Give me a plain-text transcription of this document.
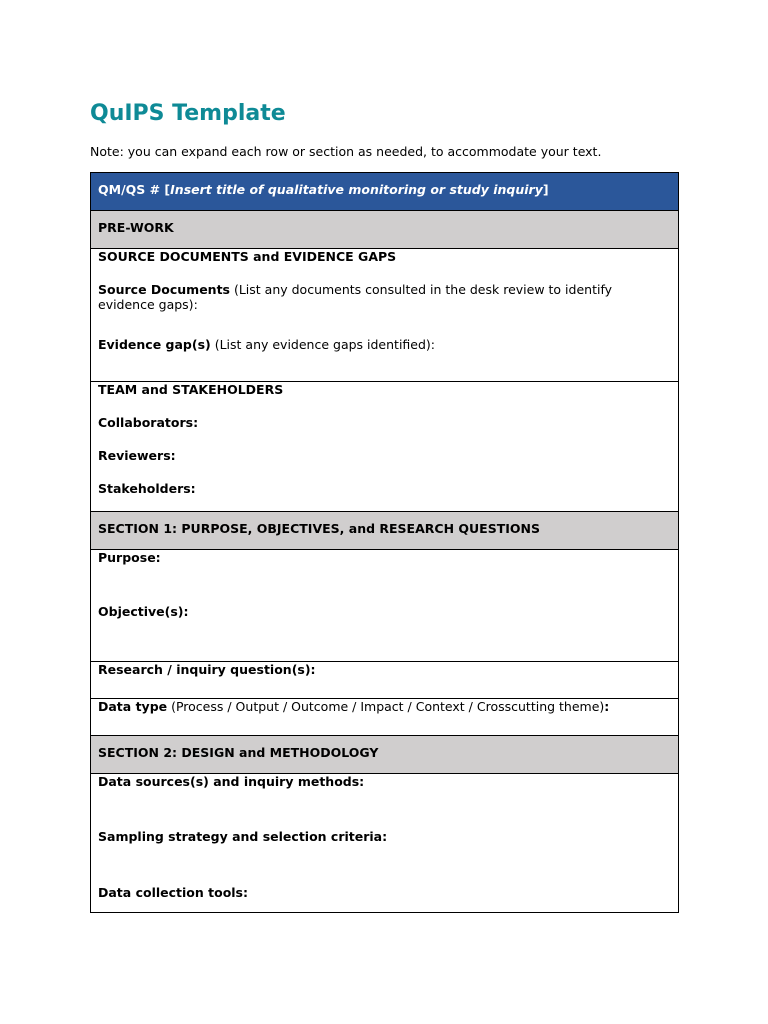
QuIPS Template

Note: you can expand each row or section as needed, to accommodate your text.

QM/QS # [Insert title of qualitative monitoring or study inquiry]
PRE-WORK
SOURCE DOCUMENTS and EVIDENCE GAPS
Source Documents (List any documents consulted in the desk review to identify evidence gaps):
Evidence gap(s) (List any evidence gaps identified):
TEAM and STAKEHOLDERS
Collaborators:
Reviewers:
Stakeholders:
SECTION 1: PURPOSE, OBJECTIVES, and RESEARCH QUESTIONS
Purpose:
Objective(s):
Research / inquiry question(s):
Data type (Process / Output / Outcome / Impact / Context / Crosscutting theme):
SECTION 2: DESIGN and METHODOLOGY
Data sources(s) and inquiry methods:
Sampling strategy and selection criteria:
Data collection tools:
